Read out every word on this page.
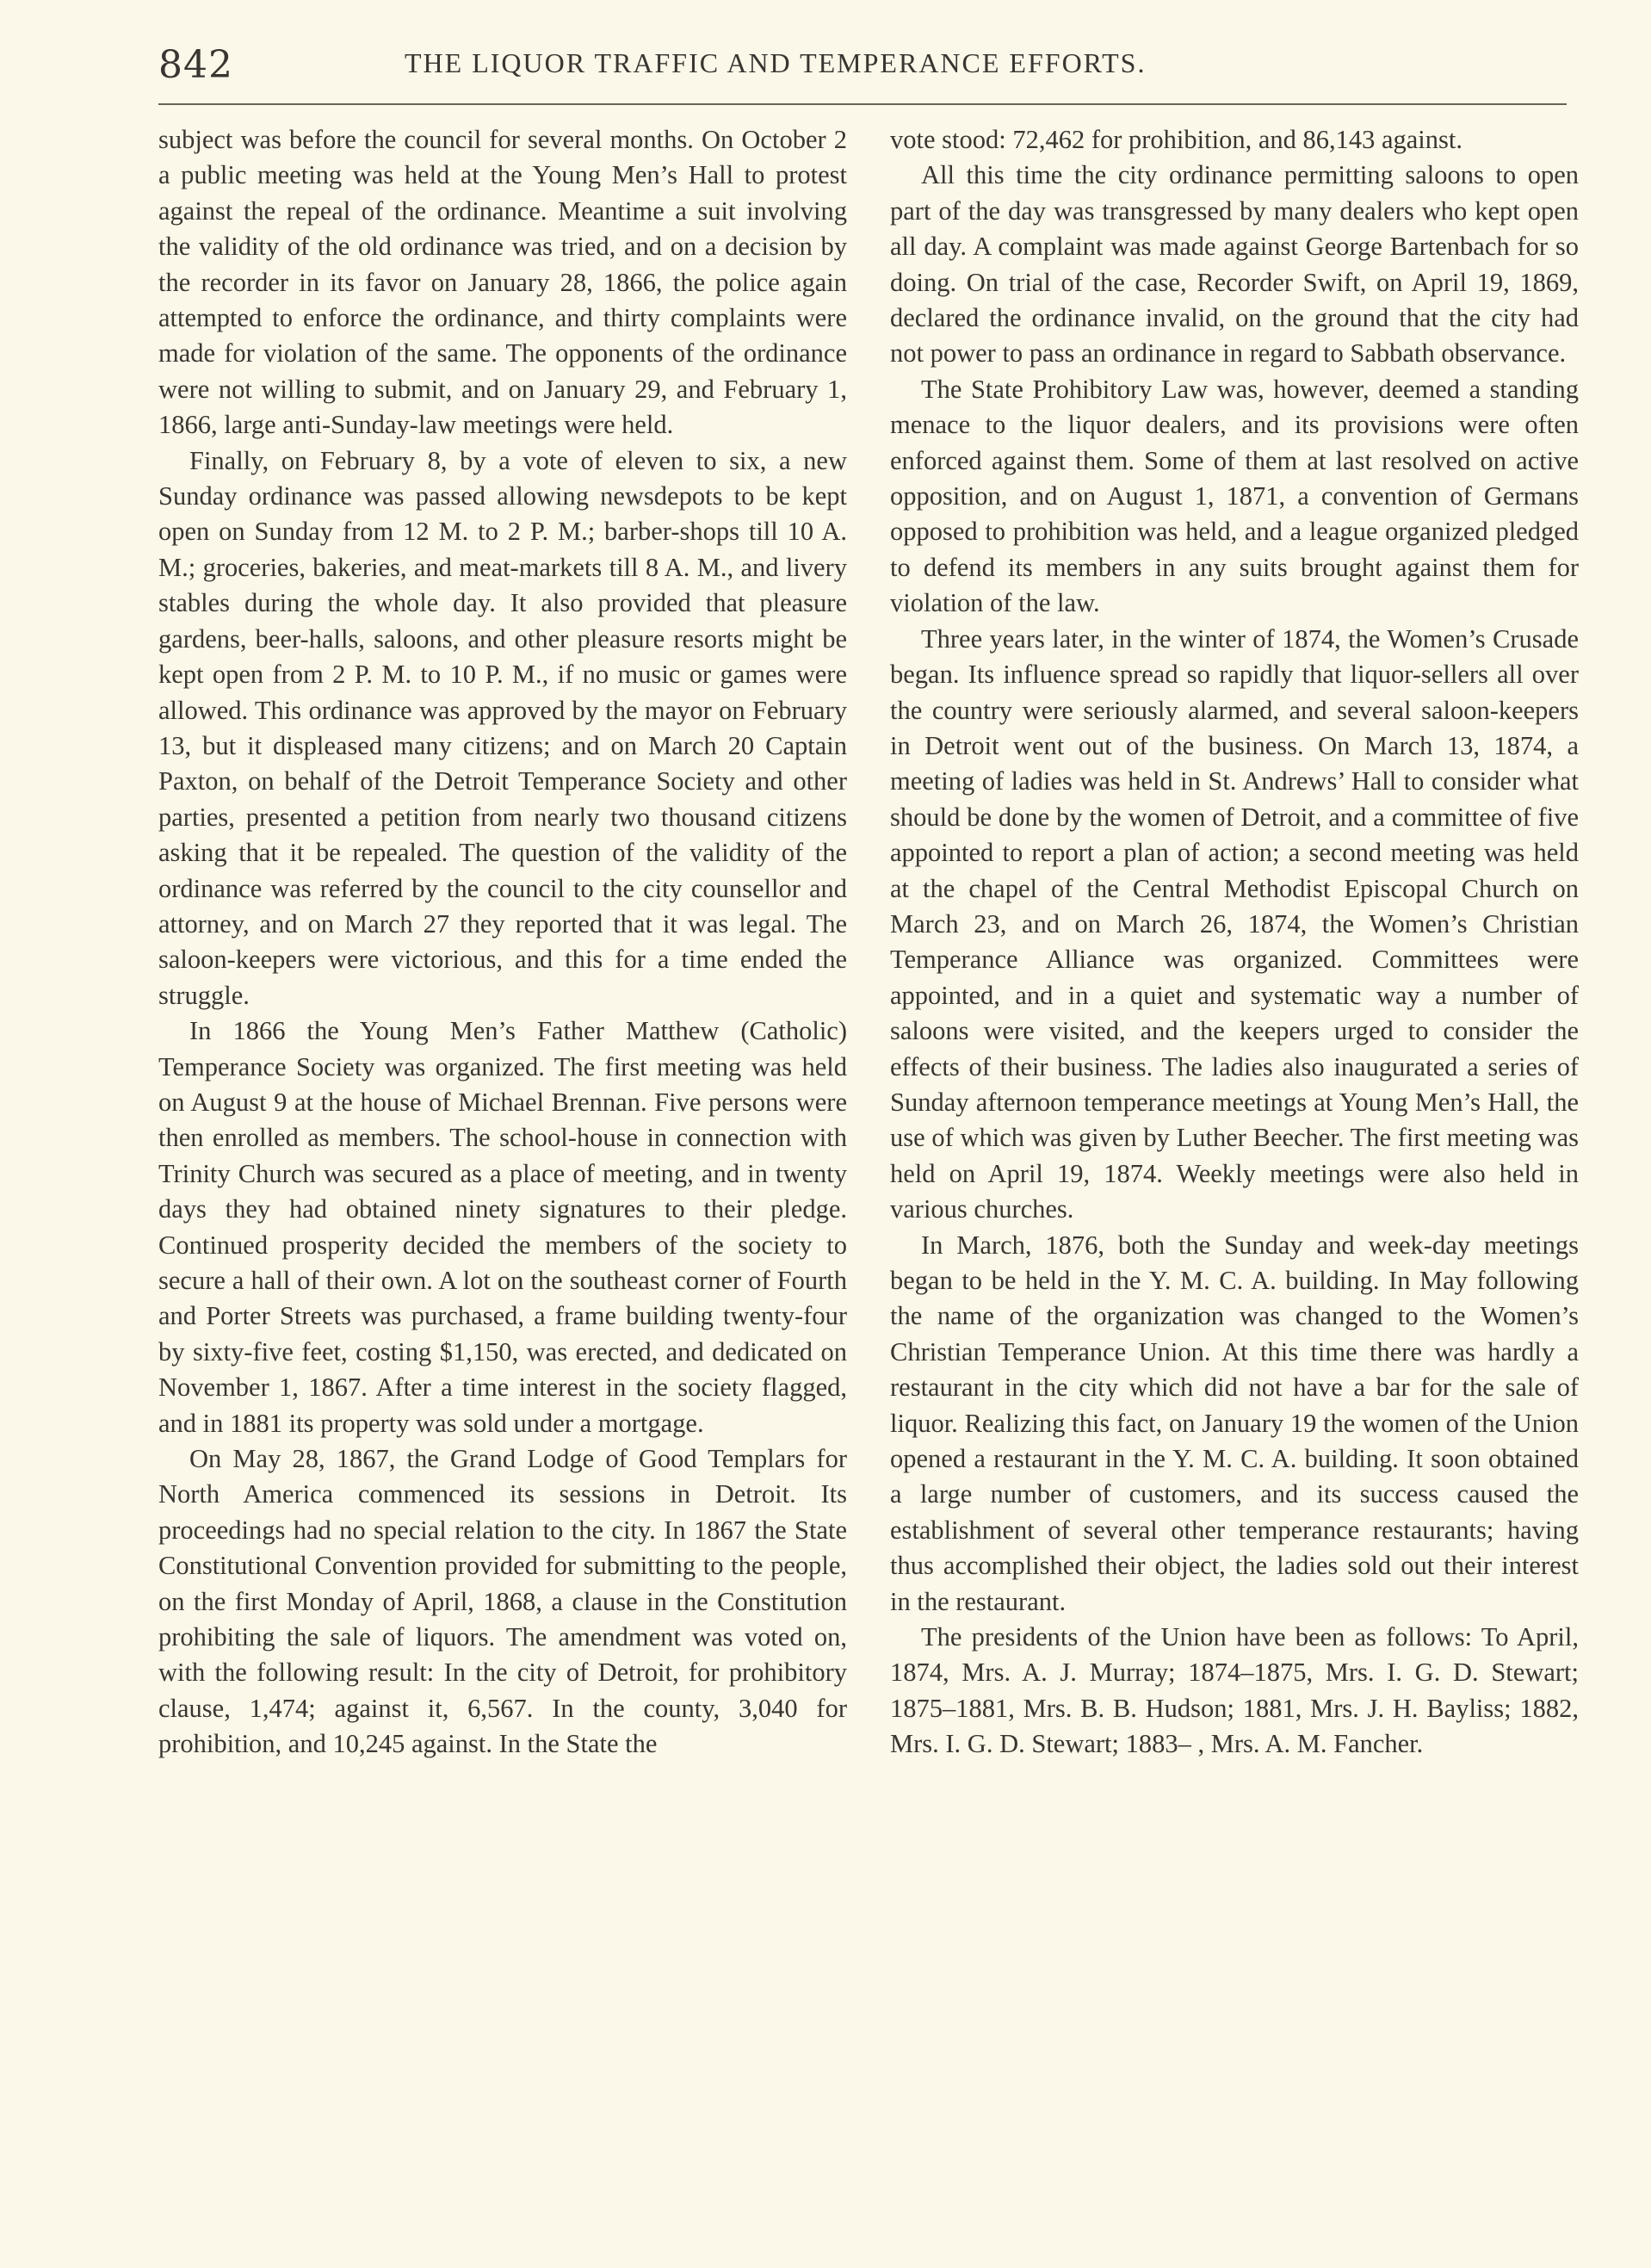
842	THE LIQUOR TRAFFIC AND TEMPERANCE EFFORTS.

subject was before the council for several months. On October 2 a public meeting was held at the Young Men’s Hall to protest against the repeal of the ordinance. Meantime a suit involving the validity of the old ordinance was tried, and on a decision by the recorder in its favor on January 28, 1866, the police again attempted to enforce the ordinance, and thirty complaints were made for violation of the same. The opponents of the ordinance were not willing to submit, and on January 29, and February 1, 1866, large anti-Sunday-law meetings were held.

Finally, on February 8, by a vote of eleven to six, a new Sunday ordinance was passed allowing newsdepots to be kept open on Sunday from 12 M. to 2 P. M.; barber-shops till 10 A. M.; groceries, bakeries, and meat-markets till 8 A. M., and livery stables during the whole day. It also provided that pleasure gardens, beer-halls, saloons, and other pleasure resorts might be kept open from 2 P. M. to 10 P. M., if no music or games were allowed. This ordinance was approved by the mayor on February 13, but it displeased many citizens; and on March 20 Captain Paxton, on behalf of the Detroit Temperance Society and other parties, presented a petition from nearly two thousand citizens asking that it be repealed. The question of the validity of the ordinance was referred by the council to the city counsellor and attorney, and on March 27 they reported that it was legal. The saloon-keepers were victorious, and this for a time ended the struggle.

In 1866 the Young Men’s Father Matthew (Catholic) Temperance Society was organized. The first meeting was held on August 9 at the house of Michael Brennan. Five persons were then enrolled as members. The school-house in connection with Trinity Church was secured as a place of meeting, and in twenty days they had obtained ninety signatures to their pledge. Continued prosperity decided the members of the society to secure a hall of their own. A lot on the southeast corner of Fourth and Porter Streets was purchased, a frame building twenty-four by sixty-five feet, costing $1,150, was erected, and dedicated on November 1, 1867. After a time interest in the society flagged, and in 1881 its property was sold under a mortgage.

On May 28, 1867, the Grand Lodge of Good Templars for North America commenced its sessions in Detroit. Its proceedings had no special relation to the city. In 1867 the State Constitutional Convention provided for submitting to the people, on the first Monday of April, 1868, a clause in the Constitution prohibiting the sale of liquors. The amendment was voted on, with the following result: In the city of Detroit, for prohibitory clause, 1,474; against it, 6,567. In the county, 3,040 for prohibition, and 10,245 against. In the State the

vote stood: 72,462 for prohibition, and 86,143 against.

All this time the city ordinance permitting saloons to open part of the day was transgressed by many dealers who kept open all day. A complaint was made against George Bartenbach for so doing. On trial of the case, Recorder Swift, on April 19, 1869, declared the ordinance invalid, on the ground that the city had not power to pass an ordinance in regard to Sabbath observance.

The State Prohibitory Law was, however, deemed a standing menace to the liquor dealers, and its provisions were often enforced against them. Some of them at last resolved on active opposition, and on August 1, 1871, a convention of Germans opposed to prohibition was held, and a league organized pledged to defend its members in any suits brought against them for violation of the law.

Three years later, in the winter of 1874, the Women’s Crusade began. Its influence spread so rapidly that liquor-sellers all over the country were seriously alarmed, and several saloon-keepers in Detroit went out of the business. On March 13, 1874, a meeting of ladies was held in St. Andrews’ Hall to consider what should be done by the women of Detroit, and a committee of five appointed to report a plan of action; a second meeting was held at the chapel of the Central Methodist Episcopal Church on March 23, and on March 26, 1874, the Women’s Christian Temperance Alliance was organized. Committees were appointed, and in a quiet and systematic way a number of saloons were visited, and the keepers urged to consider the effects of their business. The ladies also inaugurated a series of Sunday afternoon temperance meetings at Young Men’s Hall, the use of which was given by Luther Beecher. The first meeting was held on April 19, 1874. Weekly meetings were also held in various churches.

In March, 1876, both the Sunday and week-day meetings began to be held in the Y. M. C. A. building. In May following the name of the organization was changed to the Women’s Christian Temperance Union. At this time there was hardly a restaurant in the city which did not have a bar for the sale of liquor. Realizing this fact, on January 19 the women of the Union opened a restaurant in the Y. M. C. A. building. It soon obtained a large number of customers, and its success caused the establishment of several other temperance restaurants; having thus accomplished their object, the ladies sold out their interest in the restaurant.

The presidents of the Union have been as follows: To April, 1874, Mrs. A. J. Murray; 1874–1875, Mrs. I. G. D. Stewart; 1875–1881, Mrs. B. B. Hudson; 1881, Mrs. J. H. Bayliss; 1882, Mrs. I. G. D. Stewart; 1883– , Mrs. A. M. Fancher.
